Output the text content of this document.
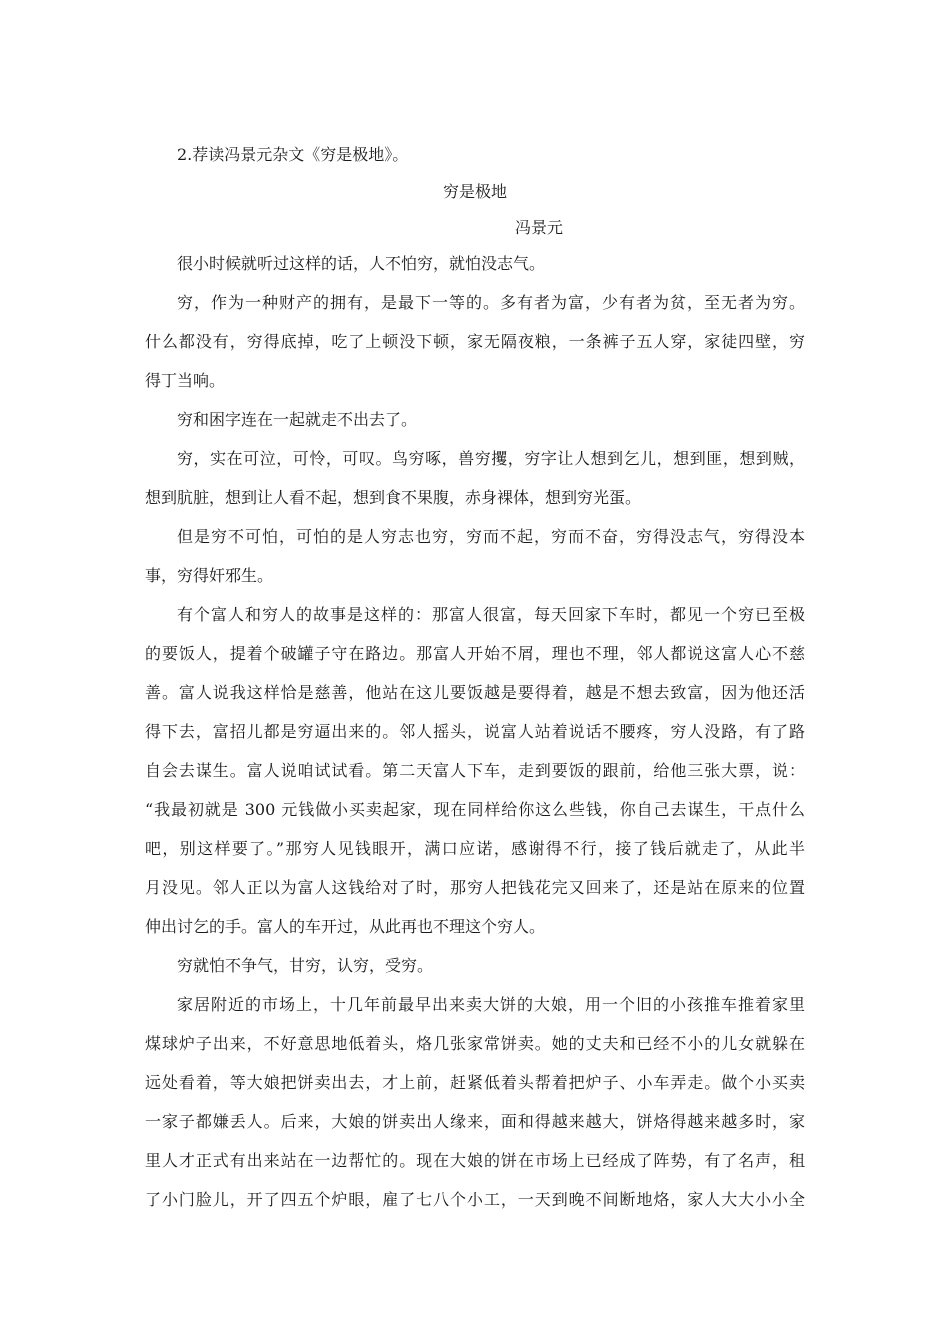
2.荐读冯景元杂文《穷是极地》。
穷是极地
冯景元
很小时候就听过这样的话，人不怕穷，就怕没志气。
穷，作为一种财产的拥有，是最下一等的。多有者为富，少有者为贫，至无者为穷。
什么都没有，穷得底掉，吃了上顿没下顿，家无隔夜粮，一条裤子五人穿，家徒四壁，穷
得丁当响。
穷和困字连在一起就走不出去了。
穷，实在可泣，可怜，可叹。鸟穷啄，兽穷攫，穷字让人想到乞儿，想到匪，想到贼，
想到肮脏，想到让人看不起，想到食不果腹，赤身裸体，想到穷光蛋。
但是穷不可怕，可怕的是人穷志也穷，穷而不起，穷而不奋，穷得没志气，穷得没本
事，穷得奸邪生。
有个富人和穷人的故事是这样的：那富人很富，每天回家下车时，都见一个穷已至极
的要饭人，提着个破罐子守在路边。那富人开始不屑，理也不理，邻人都说这富人心不慈
善。富人说我这样恰是慈善，他站在这儿要饭越是要得着，越是不想去致富，因为他还活
得下去，富招儿都是穷逼出来的。邻人摇头，说富人站着说话不腰疼，穷人没路，有了路
自会去谋生。富人说咱试试看。第二天富人下车，走到要饭的跟前，给他三张大票，说：
“我最初就是 300 元钱做小买卖起家，现在同样给你这么些钱，你自己去谋生，干点什么
吧，别这样要了。”那穷人见钱眼开，满口应诺，感谢得不行，接了钱后就走了，从此半
月没见。邻人正以为富人这钱给对了时，那穷人把钱花完又回来了，还是站在原来的位置
伸出讨乞的手。富人的车开过，从此再也不理这个穷人。
穷就怕不争气，甘穷，认穷，受穷。
家居附近的市场上，十几年前最早出来卖大饼的大娘，用一个旧的小孩推车推着家里
煤球炉子出来，不好意思地低着头，烙几张家常饼卖。她的丈夫和已经不小的儿女就躲在
远处看着，等大娘把饼卖出去，才上前，赶紧低着头帮着把炉子、小车弄走。做个小买卖
一家子都嫌丢人。后来，大娘的饼卖出人缘来，面和得越来越大，饼烙得越来越多时，家
里人才正式有出来站在一边帮忙的。现在大娘的饼在市场上已经成了阵势，有了名声，租
了小门脸儿，开了四五个炉眼，雇了七八个小工，一天到晚不间断地烙，家人大大小小全
